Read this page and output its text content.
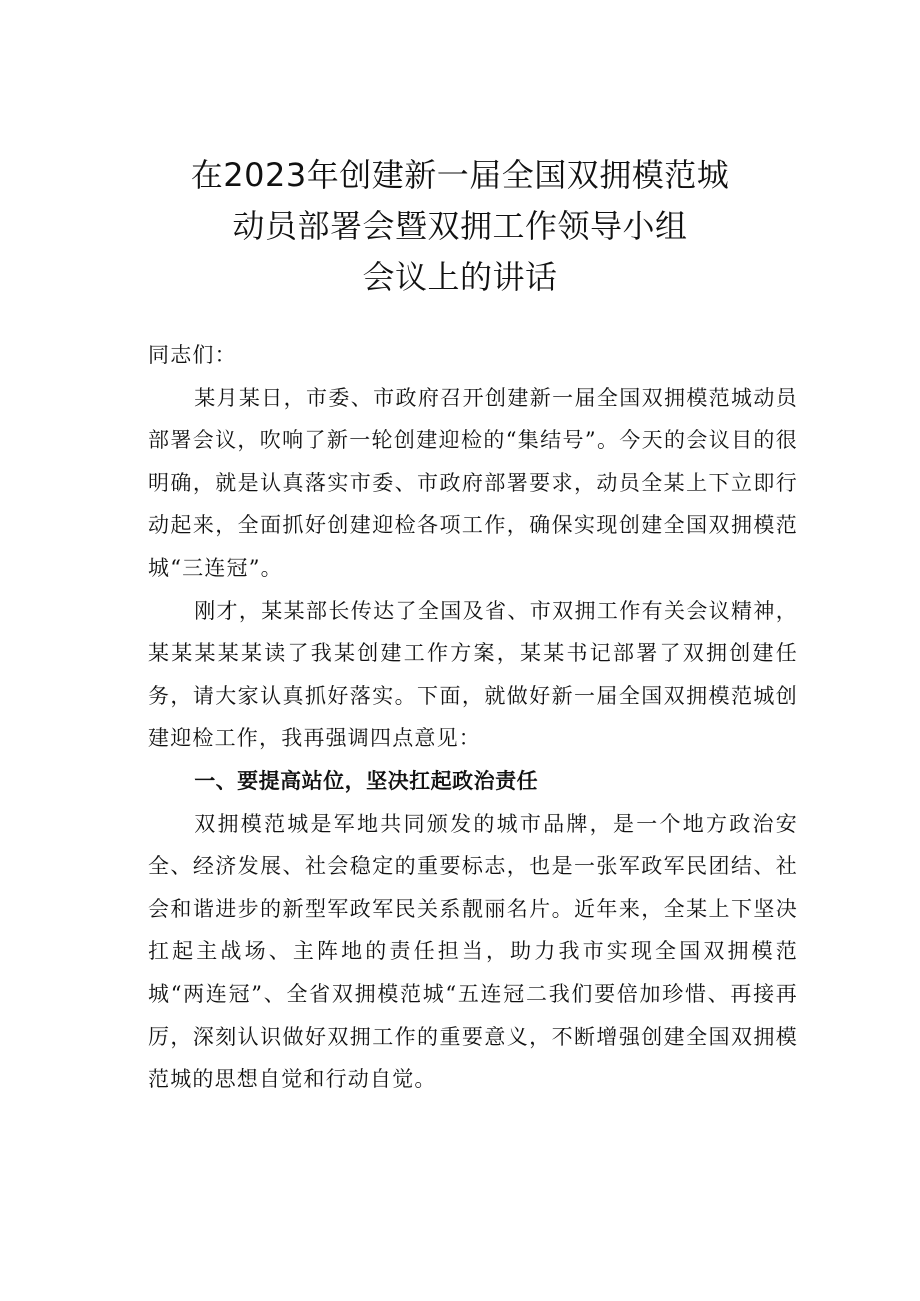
在2023年创建新一届全国双拥模范城
动员部署会暨双拥工作领导小组
会议上的讲话

同志们：

某月某日，市委、市政府召开创建新一届全国双拥模范城动员部署会议，吹响了新一轮创建迎检的“集结号”。今天的会议目的很明确，就是认真落实市委、市政府部署要求，动员全某上下立即行动起来，全面抓好创建迎检各项工作，确保实现创建全国双拥模范城“三连冠”。

刚才，某某部长传达了全国及省、市双拥工作有关会议精神，某某某某某读了我某创建工作方案，某某书记部署了双拥创建任务，请大家认真抓好落实。下面，就做好新一届全国双拥模范城创建迎检工作，我再强调四点意见：

一、要提高站位，坚决扛起政治责任

双拥模范城是军地共同颁发的城市品牌，是一个地方政治安全、经济发展、社会稳定的重要标志，也是一张军政军民团结、社会和谐进步的新型军政军民关系靓丽名片。近年来，全某上下坚决扛起主战场、主阵地的责任担当，助力我市实现全国双拥模范城“两连冠”、全省双拥模范城“五连冠二我们要倍加珍惜、再接再厉，深刻认识做好双拥工作的重要意义，不断增强创建全国双拥模范城的思想自觉和行动自觉。
